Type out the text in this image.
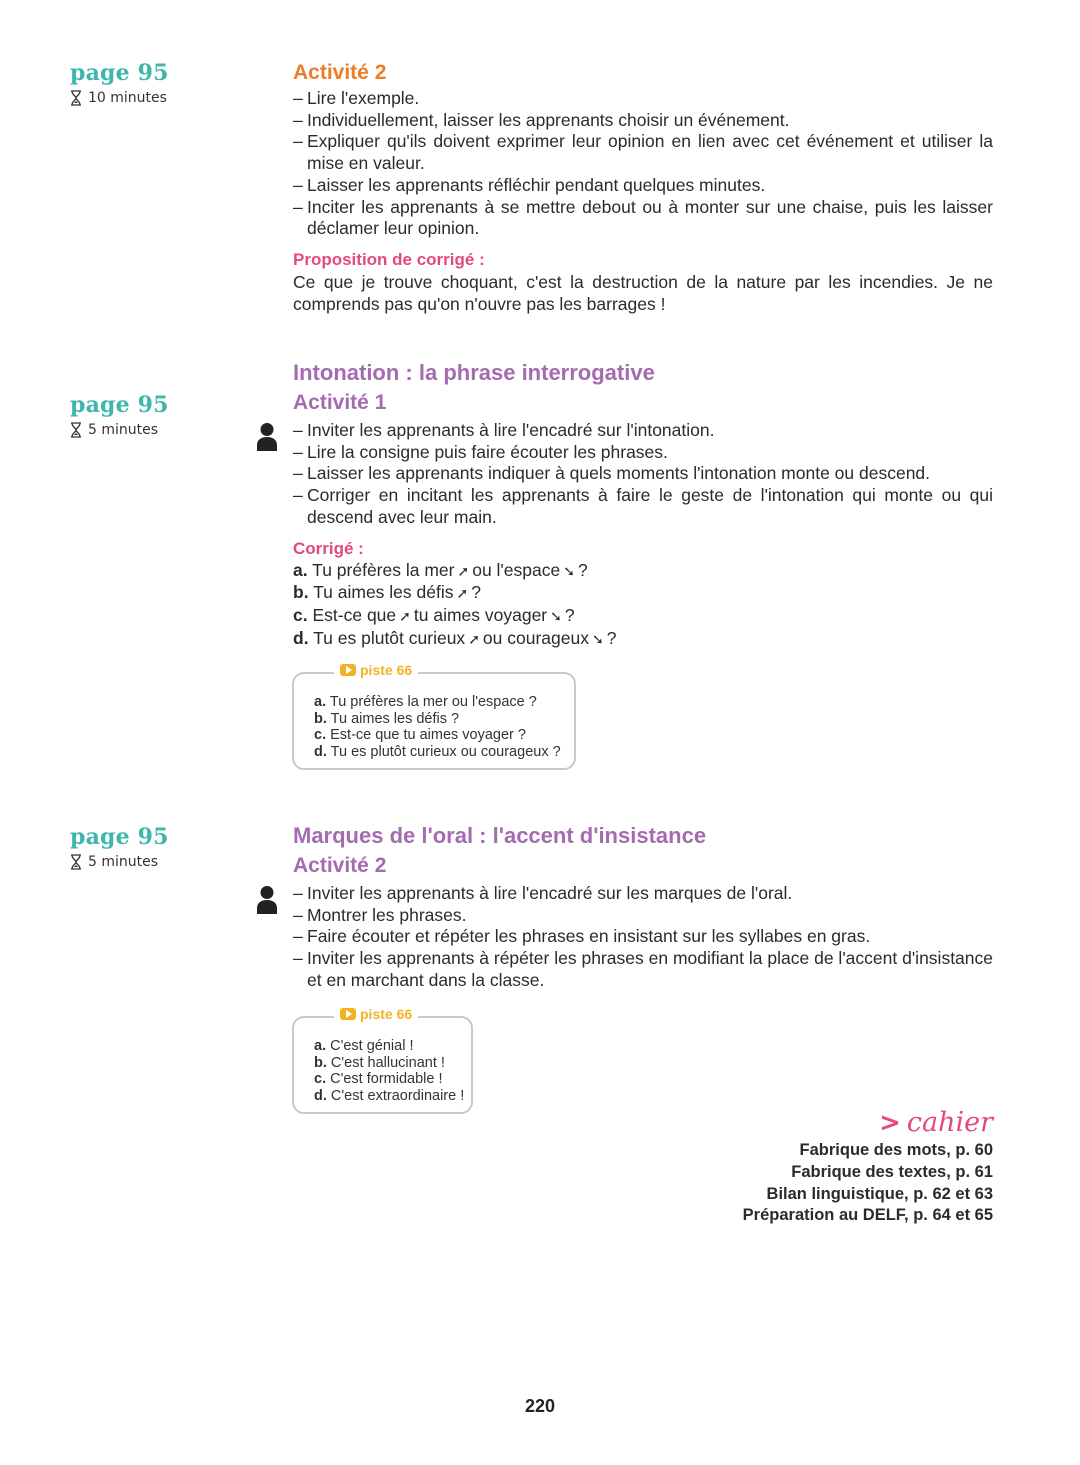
page 95

10 minutes
Activité 2
– Lire l'exemple.
– Individuellement, laisser les apprenants choisir un événement.
– Expliquer qu'ils doivent exprimer leur opinion en lien avec cet événement et utiliser la mise en valeur.
– Laisser les apprenants réfléchir pendant quelques minutes.
– Inciter les apprenants à se mettre debout ou à monter sur une chaise, puis les laisser déclamer leur opinion.

Proposition de corrigé :

Ce que je trouve choquant, c'est la destruction de la nature par les incendies. Je ne comprends pas qu'on n'ouvre pas les barrages !

page 95

5 minutes
Intonation : la phrase interrogative
Activité 1
– Inviter les apprenants à lire l'encadré sur l'intonation.
– Lire la consigne puis faire écouter les phrases.
– Laisser les apprenants indiquer à quels moments l'intonation monte ou descend.
– Corriger en incitant les apprenants à faire le geste de l'intonation qui monte ou qui descend avec leur main.

Corrigé :

a. Tu préfères la mer ➚ ou l'espace ➘ ?
b. Tu aimes les défis ➚ ?
c. Est-ce que ➚ tu aimes voyager ➘ ?
d. Tu es plutôt curieux ➚ ou courageux ➘ ?
piste 66
a. Tu préfères la mer ou l'espace ?
b. Tu aimes les défis ?
c. Est-ce que tu aimes voyager ?
d. Tu es plutôt curieux ou courageux ?

page 95

5 minutes
Marques de l'oral : l'accent d'insistance
Activité 2
– Inviter les apprenants à lire l'encadré sur les marques de l'oral.
– Montrer les phrases.
– Faire écouter et répéter les phrases en insistant sur les syllabes en gras.
– Inviter les apprenants à répéter les phrases en modifiant la place de l'accent d'insistance et en marchant dans la classe.
piste 66
a. C'est génial !
b. C'est hallucinant !
c. C'est formidable !
d. C'est extraordinaire !
> cahier
Fabrique des mots, p. 60
Fabrique des textes, p. 61
Bilan linguistique, p. 62 et 63
Préparation au DELF, p. 64 et 65
220
